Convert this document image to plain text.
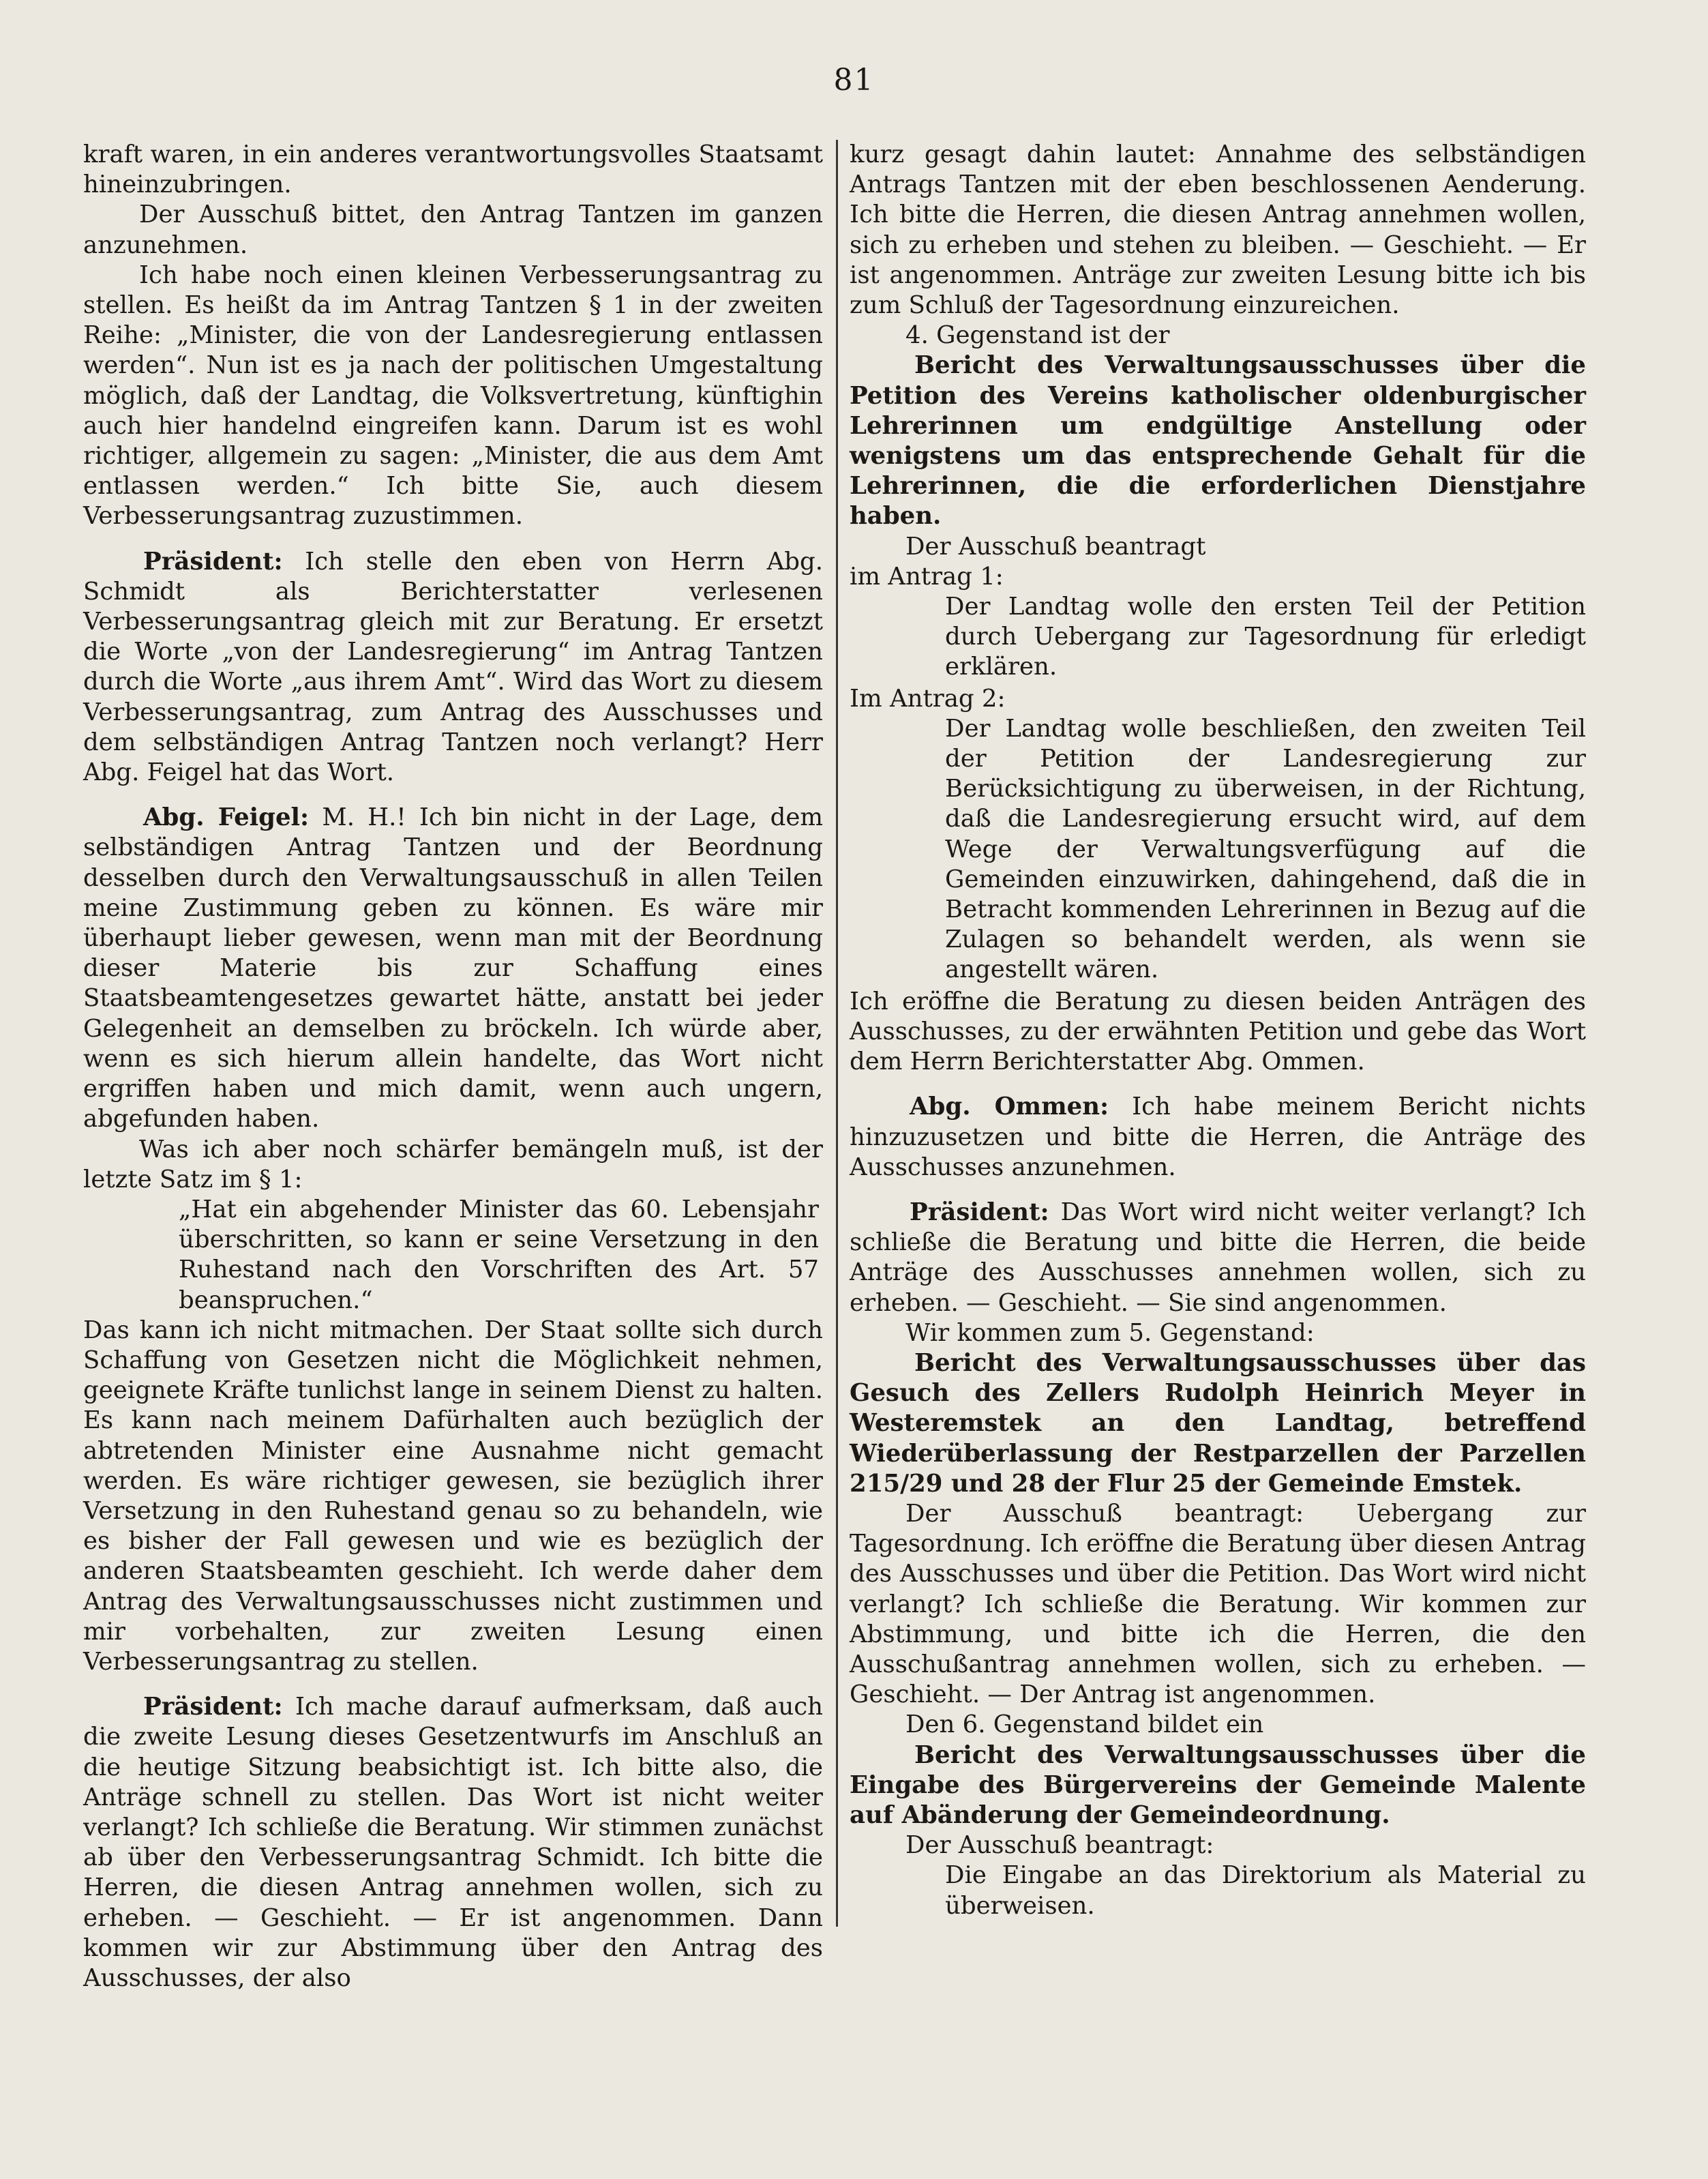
81

kraft waren, in ein anderes verantwortungsvolles Staatsamt hineinzubringen.

Der Ausschuß bittet, den Antrag Tantzen im ganzen anzunehmen.

Ich habe noch einen kleinen Verbesserungsantrag zu stellen. Es heißt da im Antrag Tantzen § 1 in der zweiten Reihe: „Minister, die von der Landesregierung entlassen werden“. Nun ist es ja nach der politischen Umgestaltung möglich, daß der Landtag, die Volksvertretung, künftighin auch hier handelnd eingreifen kann. Darum ist es wohl richtiger, allgemein zu sagen: „Minister, die aus dem Amt entlassen werden.“ Ich bitte Sie, auch diesem Verbesserungsantrag zuzustimmen.

Präsident: Ich stelle den eben von Herrn Abg. Schmidt als Berichterstatter verlesenen Verbesserungsantrag gleich mit zur Beratung. Er ersetzt die Worte „von der Landesregierung“ im Antrag Tantzen durch die Worte „aus ihrem Amt“. Wird das Wort zu diesem Verbesserungsantrag, zum Antrag des Ausschusses und dem selbständigen Antrag Tantzen noch verlangt? Herr Abg. Feigel hat das Wort.

Abg. Feigel: M. H.! Ich bin nicht in der Lage, dem selbständigen Antrag Tantzen und der Beordnung desselben durch den Verwaltungsausschuß in allen Teilen meine Zustimmung geben zu können. Es wäre mir überhaupt lieber gewesen, wenn man mit der Beordnung dieser Materie bis zur Schaffung eines Staatsbeamtengesetzes gewartet hätte, anstatt bei jeder Gelegenheit an demselben zu bröckeln. Ich würde aber, wenn es sich hierum allein handelte, das Wort nicht ergriffen haben und mich damit, wenn auch ungern, abgefunden haben.

Was ich aber noch schärfer bemängeln muß, ist der letzte Satz im § 1:

„Hat ein abgehender Minister das 60. Lebensjahr überschritten, so kann er seine Versetzung in den Ruhestand nach den Vorschriften des Art. 57 beanspruchen.“

Das kann ich nicht mitmachen. Der Staat sollte sich durch Schaffung von Gesetzen nicht die Möglichkeit nehmen, geeignete Kräfte tunlichst lange in seinem Dienst zu halten. Es kann nach meinem Dafürhalten auch bezüglich der abtretenden Minister eine Ausnahme nicht gemacht werden. Es wäre richtiger gewesen, sie bezüglich ihrer Versetzung in den Ruhestand genau so zu behandeln, wie es bisher der Fall gewesen und wie es bezüglich der anderen Staatsbeamten geschieht. Ich werde daher dem Antrag des Verwaltungsausschusses nicht zustimmen und mir vorbehalten, zur zweiten Lesung einen Verbesserungsantrag zu stellen.

Präsident: Ich mache darauf aufmerksam, daß auch die zweite Lesung dieses Gesetzentwurfs im Anschluß an die heutige Sitzung beabsichtigt ist. Ich bitte also, die Anträge schnell zu stellen. Das Wort ist nicht weiter verlangt? Ich schließe die Beratung. Wir stimmen zunächst ab über den Verbesserungsantrag Schmidt. Ich bitte die Herren, die diesen Antrag annehmen wollen, sich zu erheben. — Geschieht. — Er ist angenommen. Dann kommen wir zur Abstimmung über den Antrag des Ausschusses, der also

kurz gesagt dahin lautet: Annahme des selbständigen Antrags Tantzen mit der eben beschlossenen Aenderung. Ich bitte die Herren, die diesen Antrag annehmen wollen, sich zu erheben und stehen zu bleiben. — Geschieht. — Er ist angenommen. Anträge zur zweiten Lesung bitte ich bis zum Schluß der Tagesordnung einzureichen.

4. Gegenstand ist der

Bericht des Verwaltungsausschusses über die Petition des Vereins katholischer oldenburgischer Lehrerinnen um endgültige Anstellung oder wenigstens um das entsprechende Gehalt für die Lehrerinnen, die die erforderlichen Dienstjahre haben.

Der Ausschuß beantragt

im Antrag 1:

Der Landtag wolle den ersten Teil der Petition durch Uebergang zur Tagesordnung für erledigt erklären.

Im Antrag 2:

Der Landtag wolle beschließen, den zweiten Teil der Petition der Landesregierung zur Berücksichtigung zu überweisen, in der Richtung, daß die Landesregierung ersucht wird, auf dem Wege der Verwaltungsverfügung auf die Gemeinden einzuwirken, dahingehend, daß die in Betracht kommenden Lehrerinnen in Bezug auf die Zulagen so behandelt werden, als wenn sie angestellt wären.

Ich eröffne die Beratung zu diesen beiden Anträgen des Ausschusses, zu der erwähnten Petition und gebe das Wort dem Herrn Berichterstatter Abg. Ommen.

Abg. Ommen: Ich habe meinem Bericht nichts hinzuzusetzen und bitte die Herren, die Anträge des Ausschusses anzunehmen.

Präsident: Das Wort wird nicht weiter verlangt? Ich schließe die Beratung und bitte die Herren, die beide Anträge des Ausschusses annehmen wollen, sich zu erheben. — Geschieht. — Sie sind angenommen.

Wir kommen zum 5. Gegenstand:

Bericht des Verwaltungsausschusses über das Gesuch des Zellers Rudolph Heinrich Meyer in Westeremstek an den Landtag, betreffend Wiederüberlassung der Restparzellen der Parzellen 215/29 und 28 der Flur 25 der Gemeinde Emstek.

Der Ausschuß beantragt: Uebergang zur Tagesordnung. Ich eröffne die Beratung über diesen Antrag des Ausschusses und über die Petition. Das Wort wird nicht verlangt? Ich schließe die Beratung. Wir kommen zur Abstimmung, und bitte ich die Herren, die den Ausschußantrag annehmen wollen, sich zu erheben. — Geschieht. — Der Antrag ist angenommen.

Den 6. Gegenstand bildet ein

Bericht des Verwaltungsausschusses über die Eingabe des Bürgervereins der Gemeinde Malente auf Abänderung der Gemeindeordnung.

Der Ausschuß beantragt:

Die Eingabe an das Direktorium als Material zu überweisen.
